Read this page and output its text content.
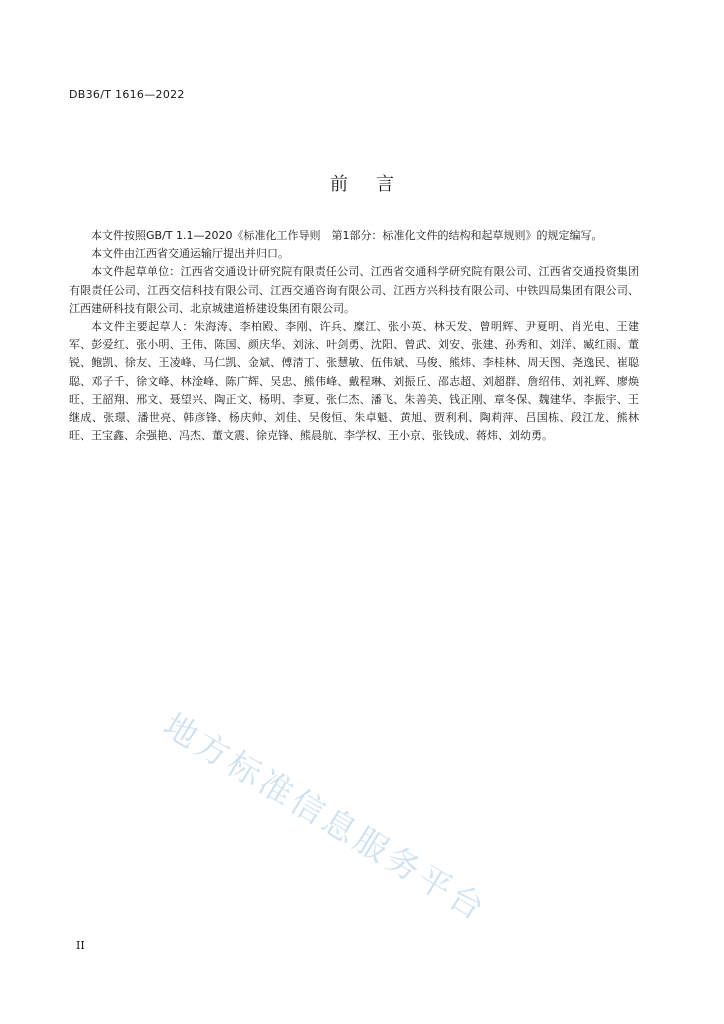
DB36/T 1616—2022
前言

本文件按照GB/T 1.1—2020《标准化工作导则　第1部分：标准化文件的结构和起草规则》的规定编写。

本文件由江西省交通运输厅提出并归口。

本文件起草单位：江西省交通设计研究院有限责任公司、江西省交通科学研究院有限公司、江西省交通投资集团有限责任公司、江西交信科技有限公司、江西交通咨询有限公司、江西方兴科技有限公司、中铁四局集团有限公司、江西建研科技有限公司、北京城建道桥建设集团有限公司。

本文件主要起草人：朱海涛、李柏殿、李刚、许兵、糜江、张小英、林天发、曾明辉、尹夏明、肖光电、王建军、彭爱红、张小明、王伟、陈国、颜庆华、刘泳、叶剑勇、沈阳、曾武、刘安、张建、孙秀和、刘洋、臧红雨、董锐、鲍凯、徐友、王凌峰、马仁凯、金斌、傅清丁、张慧敏、伍伟斌、马俊、熊炜、李桂林、周天图、尧逸民、崔聪聪、邓子千、徐文峰、林淦峰、陈广辉、吴忠、熊伟峰、戴程琳、刘振丘、邵志超、刘超群、詹绍伟、刘礼辉、廖焕旺、王韶翔、邢文、聂望兴、陶正文、杨明、李夏、张仁杰、潘飞、朱善美、钱正刚、章冬保、魏建华、李振宇、王继成、张璟、潘世亮、韩彦锋、杨庆帅、刘佳、吴俊恒、朱卓魁、黄旭、贾利利、陶莉萍、吕国栋、段江龙、熊林旺、王宝鑫、余强艳、冯杰、董文震、徐克锋、熊晨航、李学权、王小京、张钱成、蒋炜、刘幼勇。

地方标准信息服务平台
II
